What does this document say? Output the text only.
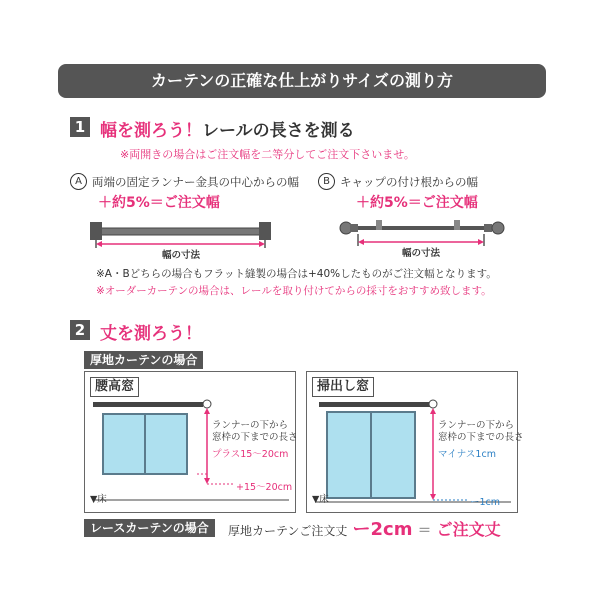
カーテンの正確な仕上がりサイズの測り方
1 幅を測ろう！レールの長さを測る
※両開きの場合はご注文幅を二等分してご注文下さいませ。
A 両端の固定ランナー金具の中心からの幅
＋約5%＝ご注文幅
幅の寸法
B キャップの付け根からの幅
＋約5%＝ご注文幅
幅の寸法
※A・Bどちらの場合もフラット縫製の場合は+40%したものがご注文幅となります。
※オーダーカーテンの場合は、レールを取り付けてからの採寸をおすすめ致します。
2 丈を測ろう！
厚地カーテンの場合
腰高窓
ランナーの下から
窓枠の下までの長さ
プラス15～20cm
+15～20cm
▼床
掃出し窓
ランナーの下から
窓枠の下までの長さ
マイナス1cm
ー1cm
▼床
レースカーテンの場合	厚地カーテンご注文丈 ー2cm ＝ ご注文丈
